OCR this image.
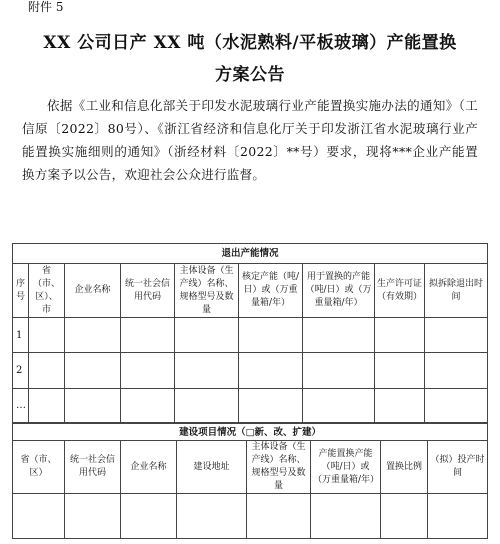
附件 5
XX 公司日产 XX 吨（水泥熟料/平板玻璃）产能置换
方案公告
依据《工业和信息化部关于印发水泥玻璃行业产能置换实施办法的通知》（工信原〔2022〕80号）、《浙江省经济和信息化厅关于印发浙江省水泥玻璃行业产能置换实施细则的通知》（浙经材料〔2022〕**号）要求，现将***企业产能置换方案予以公告，欢迎社会公众进行监督。
退出产能情况								
序号	省（市、区）、市	企业名称	统一社会信用代码	主体设备（生产线）名称、规格型号及数量	核定产能（吨/日）或（万重量箱/年）	用于置换的产能（吨/日）或（万重量箱/年）	生产许可证（有效期）	拟拆除退出时间
1								
2								
…								
建设项目情况（□新、改、扩建）							
省（市、区）	统一社会信用代码	企业名称	建设地址	主体设备（生产线）名称、规格型号及数量	产能置换产能（吨/日）或（万重量箱/年）	置换比例	（拟）投产时间
